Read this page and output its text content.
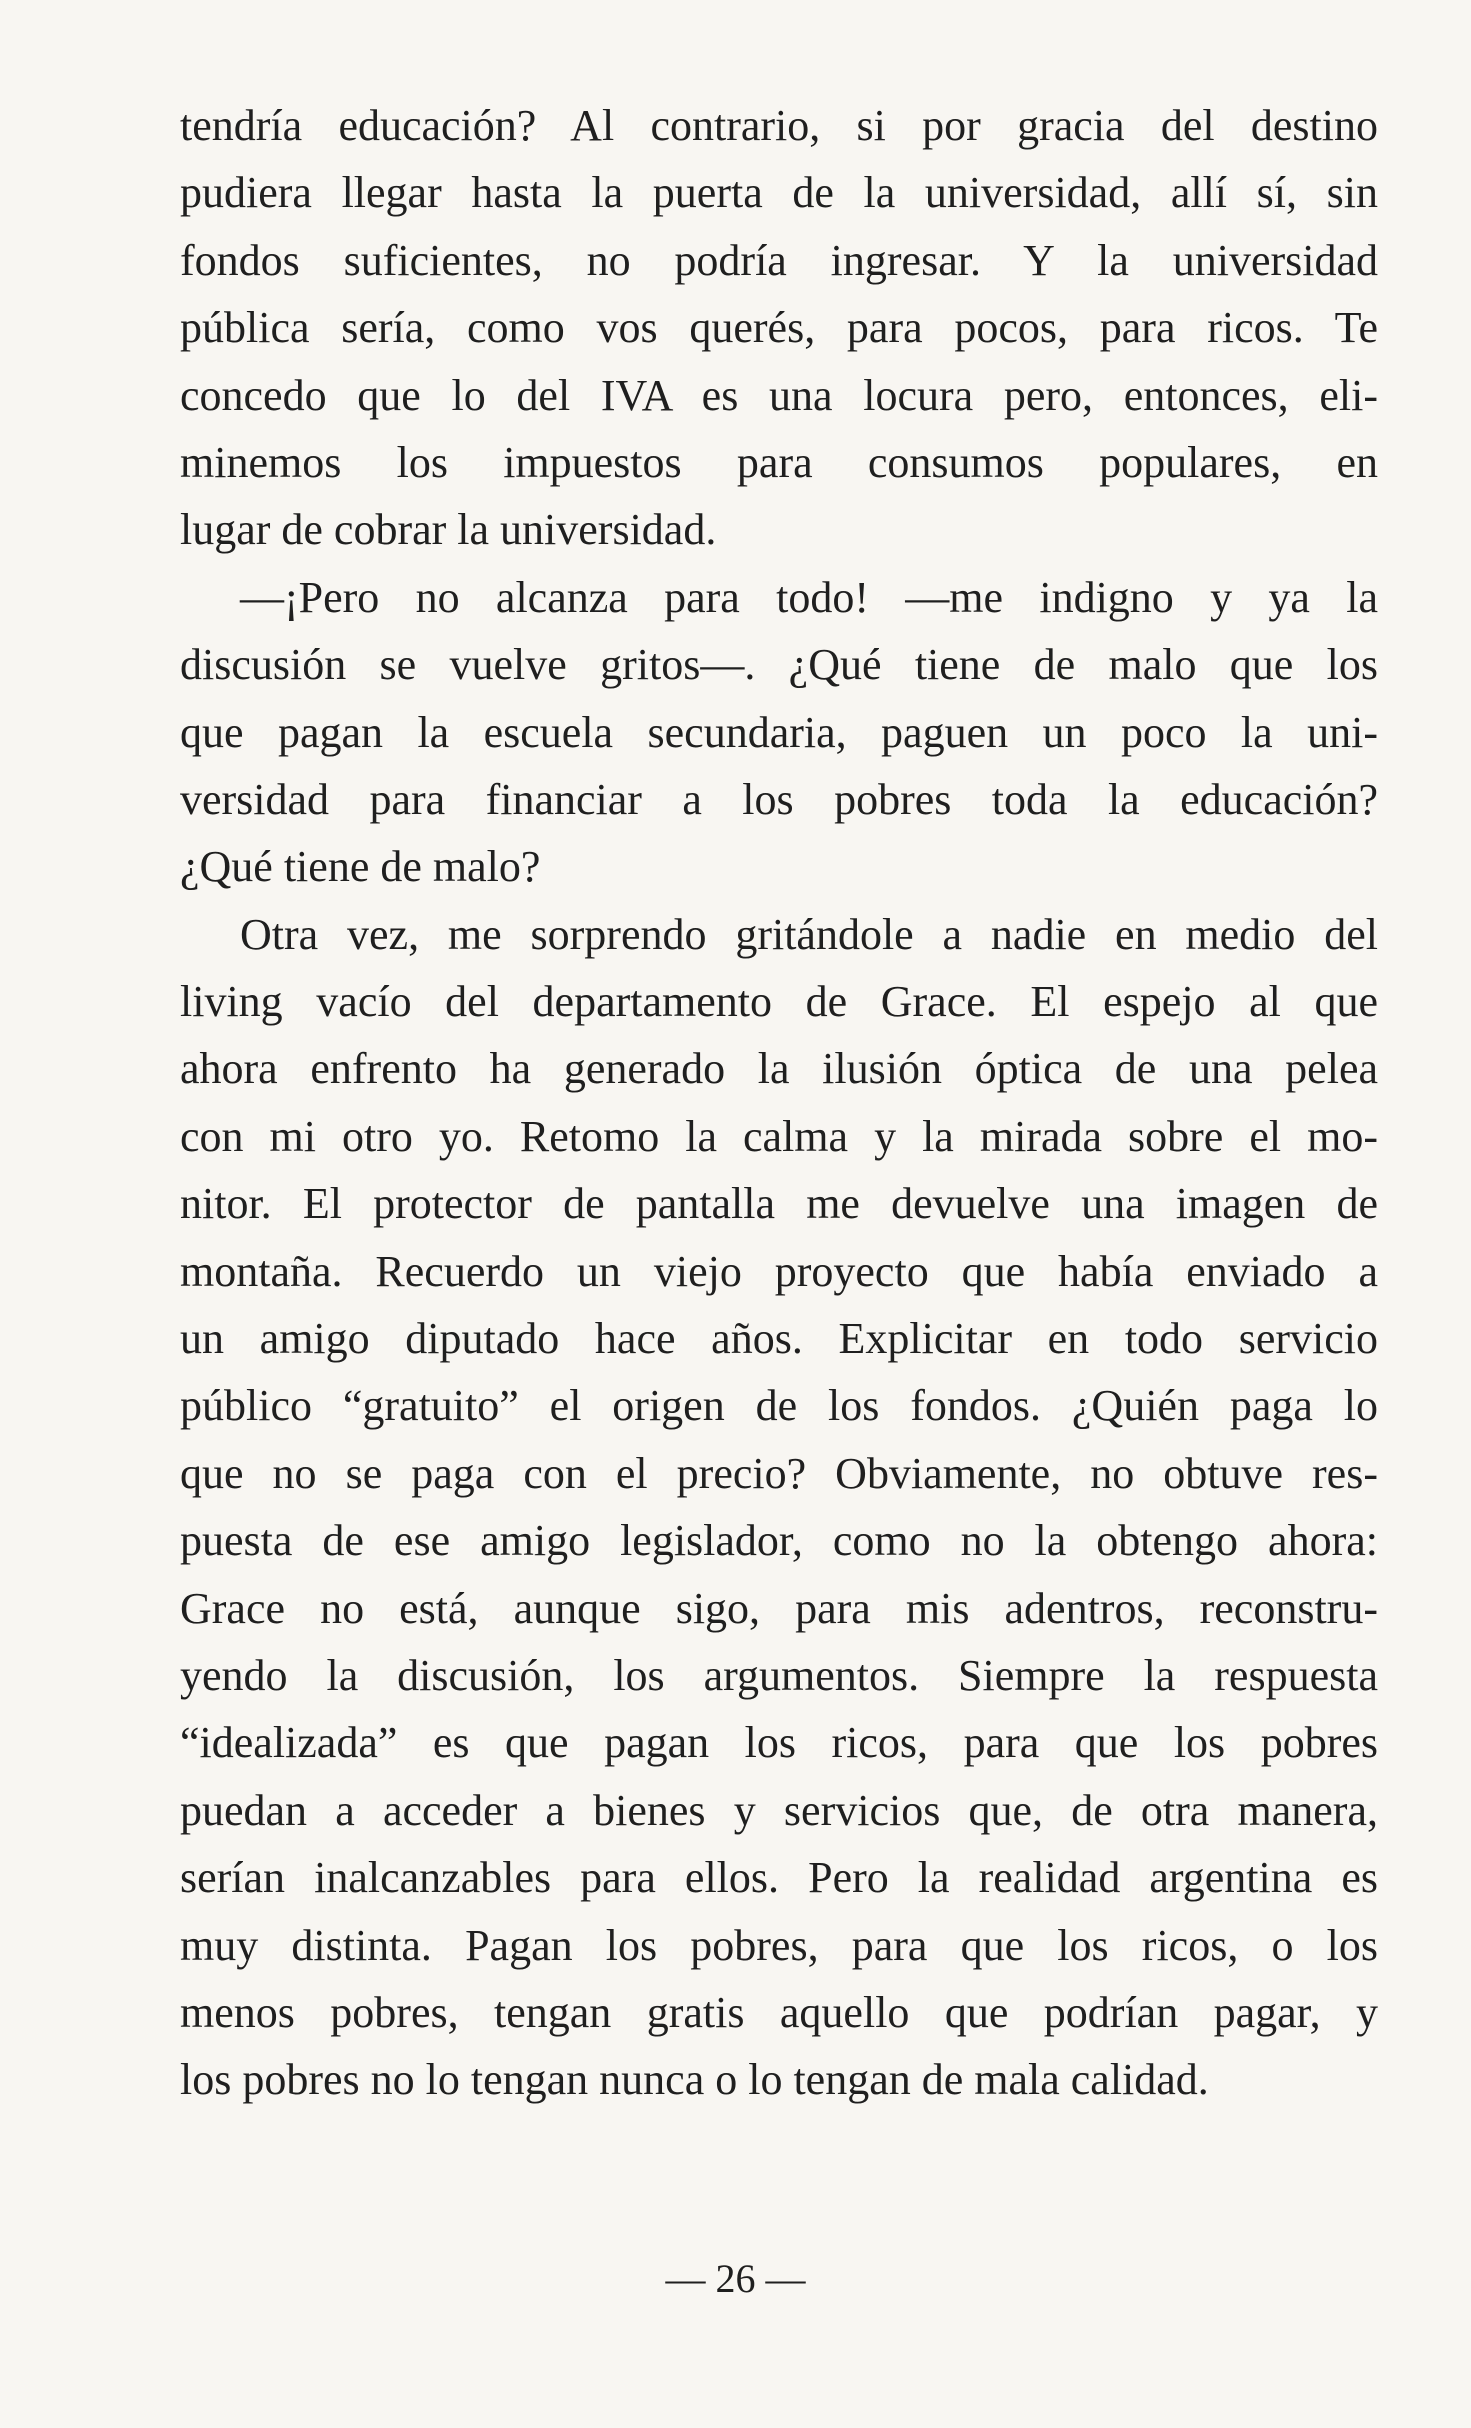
tendría educación? Al contrario, si por gracia del destino
pudiera llegar hasta la puerta de la universidad, allí sí, sin
fondos suficientes, no podría ingresar. Y la universidad
pública sería, como vos querés, para pocos, para ricos. Te
concedo que lo del IVA es una locura pero, entonces, eli-
minemos los impuestos para consumos populares, en
lugar de cobrar la universidad.
—¡Pero no alcanza para todo! —me indigno y ya la
discusión se vuelve gritos—. ¿Qué tiene de malo que los
que pagan la escuela secundaria, paguen un poco la uni-
versidad para financiar a los pobres toda la educación?
¿Qué tiene de malo?
Otra vez, me sorprendo gritándole a nadie en medio del
living vacío del departamento de Grace. El espejo al que
ahora enfrento ha generado la ilusión óptica de una pelea
con mi otro yo. Retomo la calma y la mirada sobre el mo-
nitor. El protector de pantalla me devuelve una imagen de
montaña. Recuerdo un viejo proyecto que había enviado a
un amigo diputado hace años. Explicitar en todo servicio
público “gratuito” el origen de los fondos. ¿Quién paga lo
que no se paga con el precio? Obviamente, no obtuve res-
puesta de ese amigo legislador, como no la obtengo ahora:
Grace no está, aunque sigo, para mis adentros, reconstru-
yendo la discusión, los argumentos. Siempre la respuesta
“idealizada” es que pagan los ricos, para que los pobres
puedan a acceder a bienes y servicios que, de otra manera,
serían inalcanzables para ellos. Pero la realidad argentina es
muy distinta. Pagan los pobres, para que los ricos, o los
menos pobres, tengan gratis aquello que podrían pagar, y
los pobres no lo tengan nunca o lo tengan de mala calidad.
— 26 —
